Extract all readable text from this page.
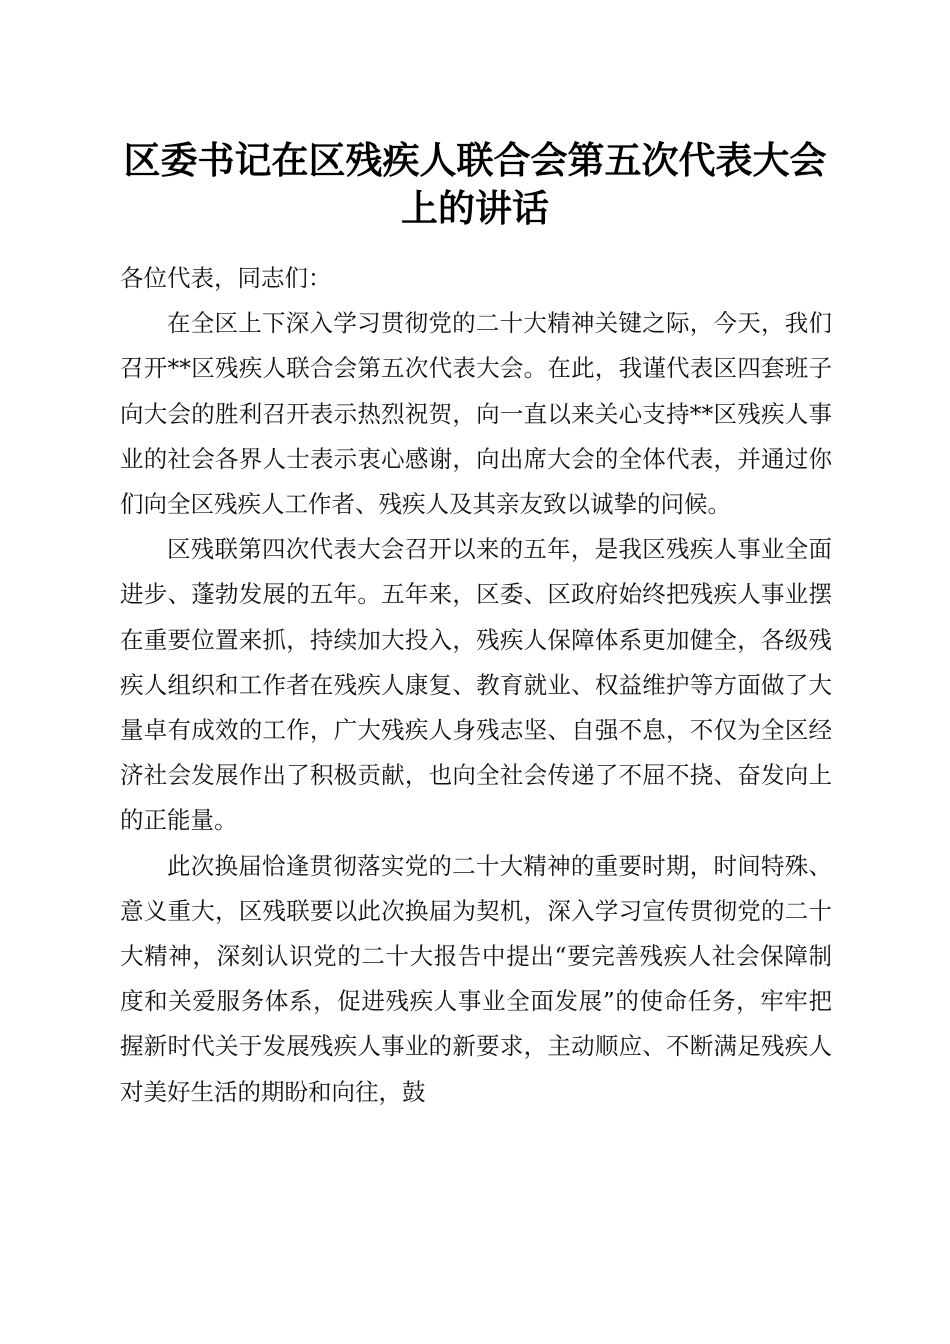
区委书记在区残疾人联合会第五次代表大会上的讲话

各位代表，同志们：

在全区上下深入学习贯彻党的二十大精神关键之际，今天，我们召开**区残疾人联合会第五次代表大会。在此，我谨代表区四套班子向大会的胜利召开表示热烈祝贺，向一直以来关心支持**区残疾人事业的社会各界人士表示衷心感谢，向出席大会的全体代表，并通过你们向全区残疾人工作者、残疾人及其亲友致以诚挚的问候。

区残联第四次代表大会召开以来的五年，是我区残疾人事业全面进步、蓬勃发展的五年。五年来，区委、区政府始终把残疾人事业摆在重要位置来抓，持续加大投入，残疾人保障体系更加健全，各级残疾人组织和工作者在残疾人康复、教育就业、权益维护等方面做了大量卓有成效的工作，广大残疾人身残志坚、自强不息，不仅为全区经济社会发展作出了积极贡献，也向全社会传递了不屈不挠、奋发向上的正能量。

此次换届恰逢贯彻落实党的二十大精神的重要时期，时间特殊、意义重大，区残联要以此次换届为契机，深入学习宣传贯彻党的二十大精神，深刻认识党的二十大报告中提出“要完善残疾人社会保障制度和关爱服务体系，促进残疾人事业全面发展”的使命任务，牢牢把握新时代关于发展残疾人事业的新要求，主动顺应、不断满足残疾人对美好生活的期盼和向往，鼓
